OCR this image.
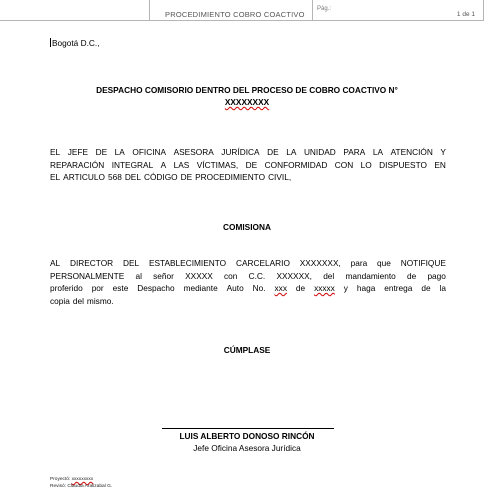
PROCEDIMIENTO COBRO COACTIVO
Pág.:
1 de 1
Bogotá D.C.,
DESPACHO COMISORIO DENTRO DEL PROCESO DE COBRO COACTIVO N°
XXXXXXXX
EL JEFE DE LA OFICINA ASESORA JURÍDICA DE LA UNIDAD PARA LA ATENCIÓN Y
REPARACIÓN INTEGRAL A LAS VÍCTIMAS, DE CONFORMIDAD CON LO DISPUESTO EN
EL ARTICULO 568 DEL CÓDIGO DE PROCEDIMIENTO CIVIL,
COMISIONA
AL DIRECTOR DEL ESTABLECIMIENTO CARCELARIO XXXXXXX, para que NOTIFIQUE
PERSONALMENTE al señor XXXXX con C.C. XXXXXX, del mandamiento de pago
proferido por este Despacho mediante Auto No. xxx de xxxxx y haga entrega de la
copia del mismo.
CÚMPLASE
LUIS ALBERTO DONOSO RINCÓN
Jefe Oficina Asesora Jurídica
Proyectó: xxxxxxxxx
Revisó: Claudia Aralizabal G.
